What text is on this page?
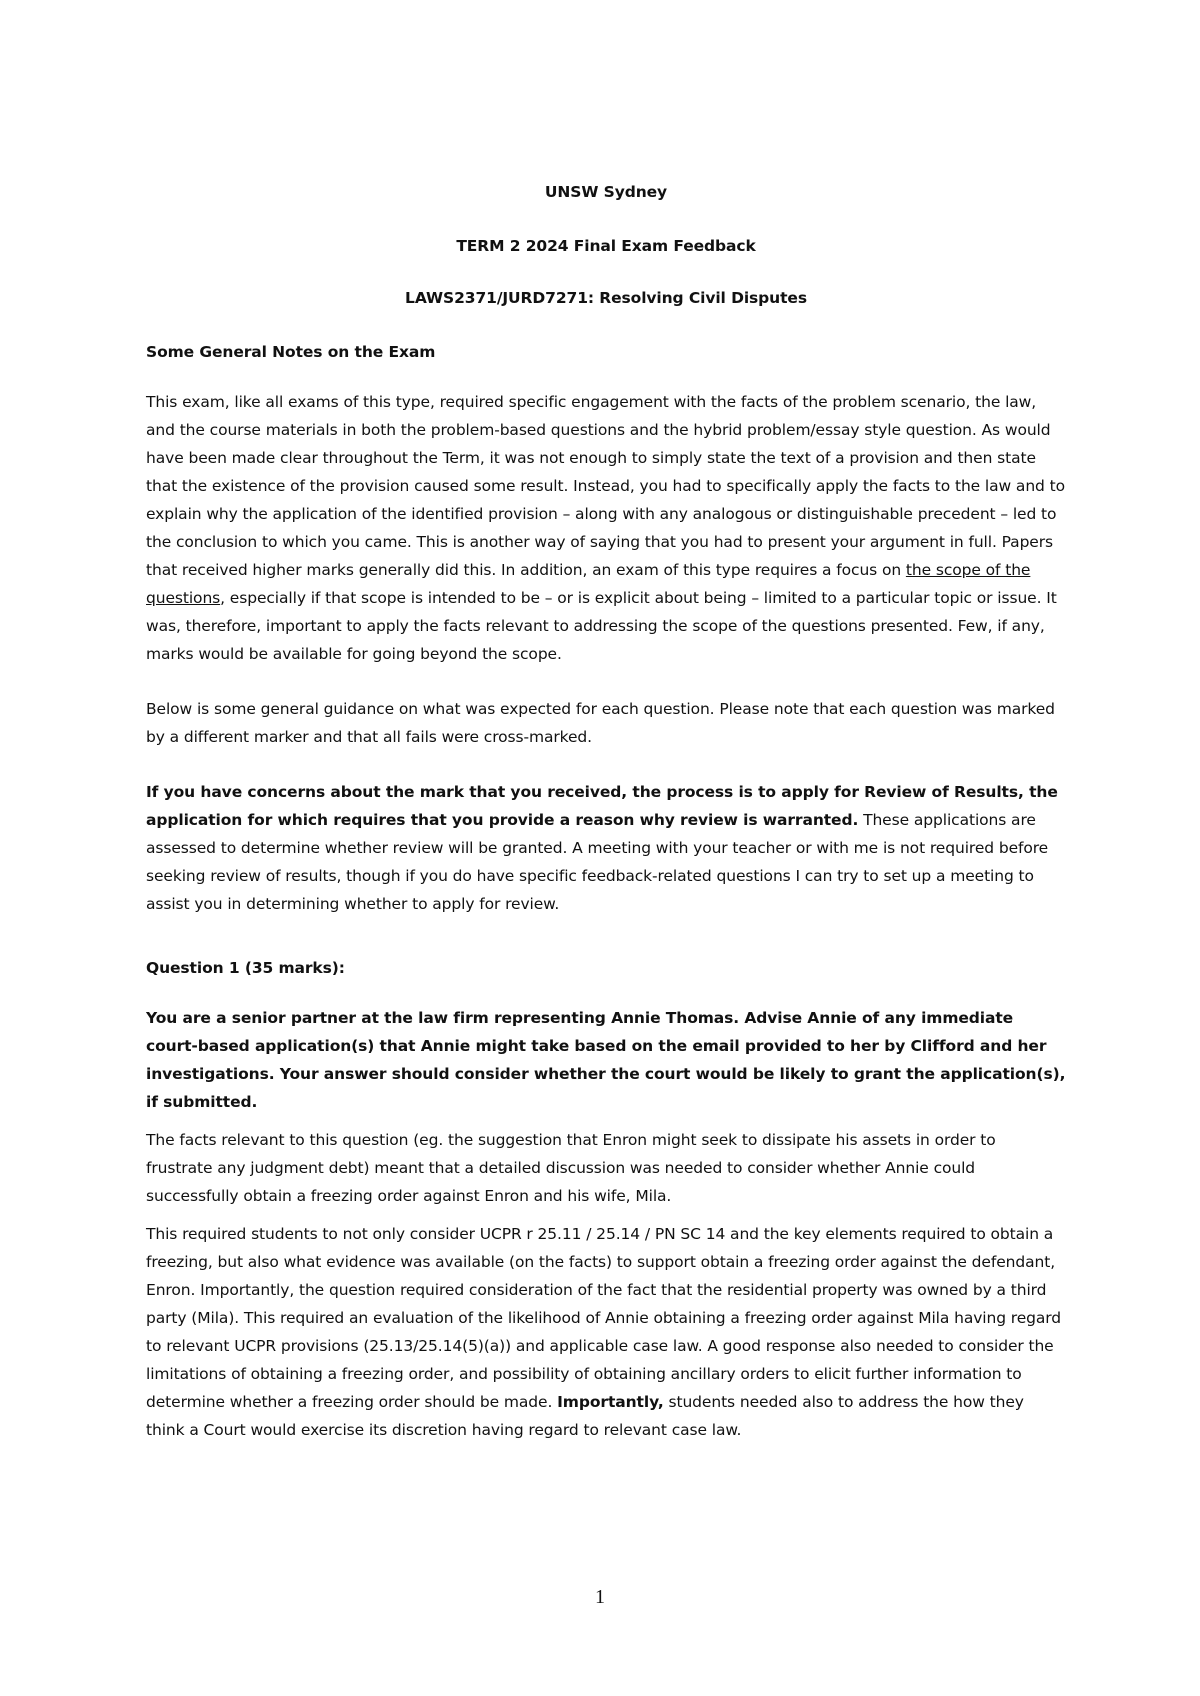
UNSW Sydney

TERM 2 2024 Final Exam Feedback

LAWS2371/JURD7271: Resolving Civil Disputes

Some General Notes on the Exam

This exam, like all exams of this type, required specific engagement with the facts of the problem scenario, the law, and the course materials in both the problem-based questions and the hybrid problem/essay style question. As would have been made clear throughout the Term, it was not enough to simply state the text of a provision and then state that the existence of the provision caused some result. Instead, you had to specifically apply the facts to the law and to explain why the application of the identified provision – along with any analogous or distinguishable precedent – led to the conclusion to which you came. This is another way of saying that you had to present your argument in full. Papers that received higher marks generally did this. In addition, an exam of this type requires a focus on the scope of the questions, especially if that scope is intended to be – or is explicit about being – limited to a particular topic or issue. It was, therefore, important to apply the facts relevant to addressing the scope of the questions presented. Few, if any, marks would be available for going beyond the scope.

Below is some general guidance on what was expected for each question. Please note that each question was marked by a different marker and that all fails were cross-marked.

If you have concerns about the mark that you received, the process is to apply for Review of Results, the application for which requires that you provide a reason why review is warranted. These applications are assessed to determine whether review will be granted. A meeting with your teacher or with me is not required before seeking review of results, though if you do have specific feedback-related questions I can try to set up a meeting to assist you in determining whether to apply for review.

Question 1 (35 marks):

You are a senior partner at the law firm representing Annie Thomas. Advise Annie of any immediate court-based application(s) that Annie might take based on the email provided to her by Clifford and her investigations. Your answer should consider whether the court would be likely to grant the application(s), if submitted.

The facts relevant to this question (eg. the suggestion that Enron might seek to dissipate his assets in order to frustrate any judgment debt) meant that a detailed discussion was needed to consider whether Annie could successfully obtain a freezing order against Enron and his wife, Mila.

This required students to not only consider UCPR r 25.11 / 25.14 / PN SC 14 and the key elements required to obtain a freezing, but also what evidence was available (on the facts) to support obtain a freezing order against the defendant, Enron. Importantly, the question required consideration of the fact that the residential property was owned by a third party (Mila). This required an evaluation of the likelihood of Annie obtaining a freezing order against Mila having regard to relevant UCPR provisions (25.13/25.14(5)(a)) and applicable case law. A good response also needed to consider the limitations of obtaining a freezing order, and possibility of obtaining ancillary orders to elicit further information to determine whether a freezing order should be made. Importantly, students needed also to address the how they think a Court would exercise its discretion having regard to relevant case law.

1
